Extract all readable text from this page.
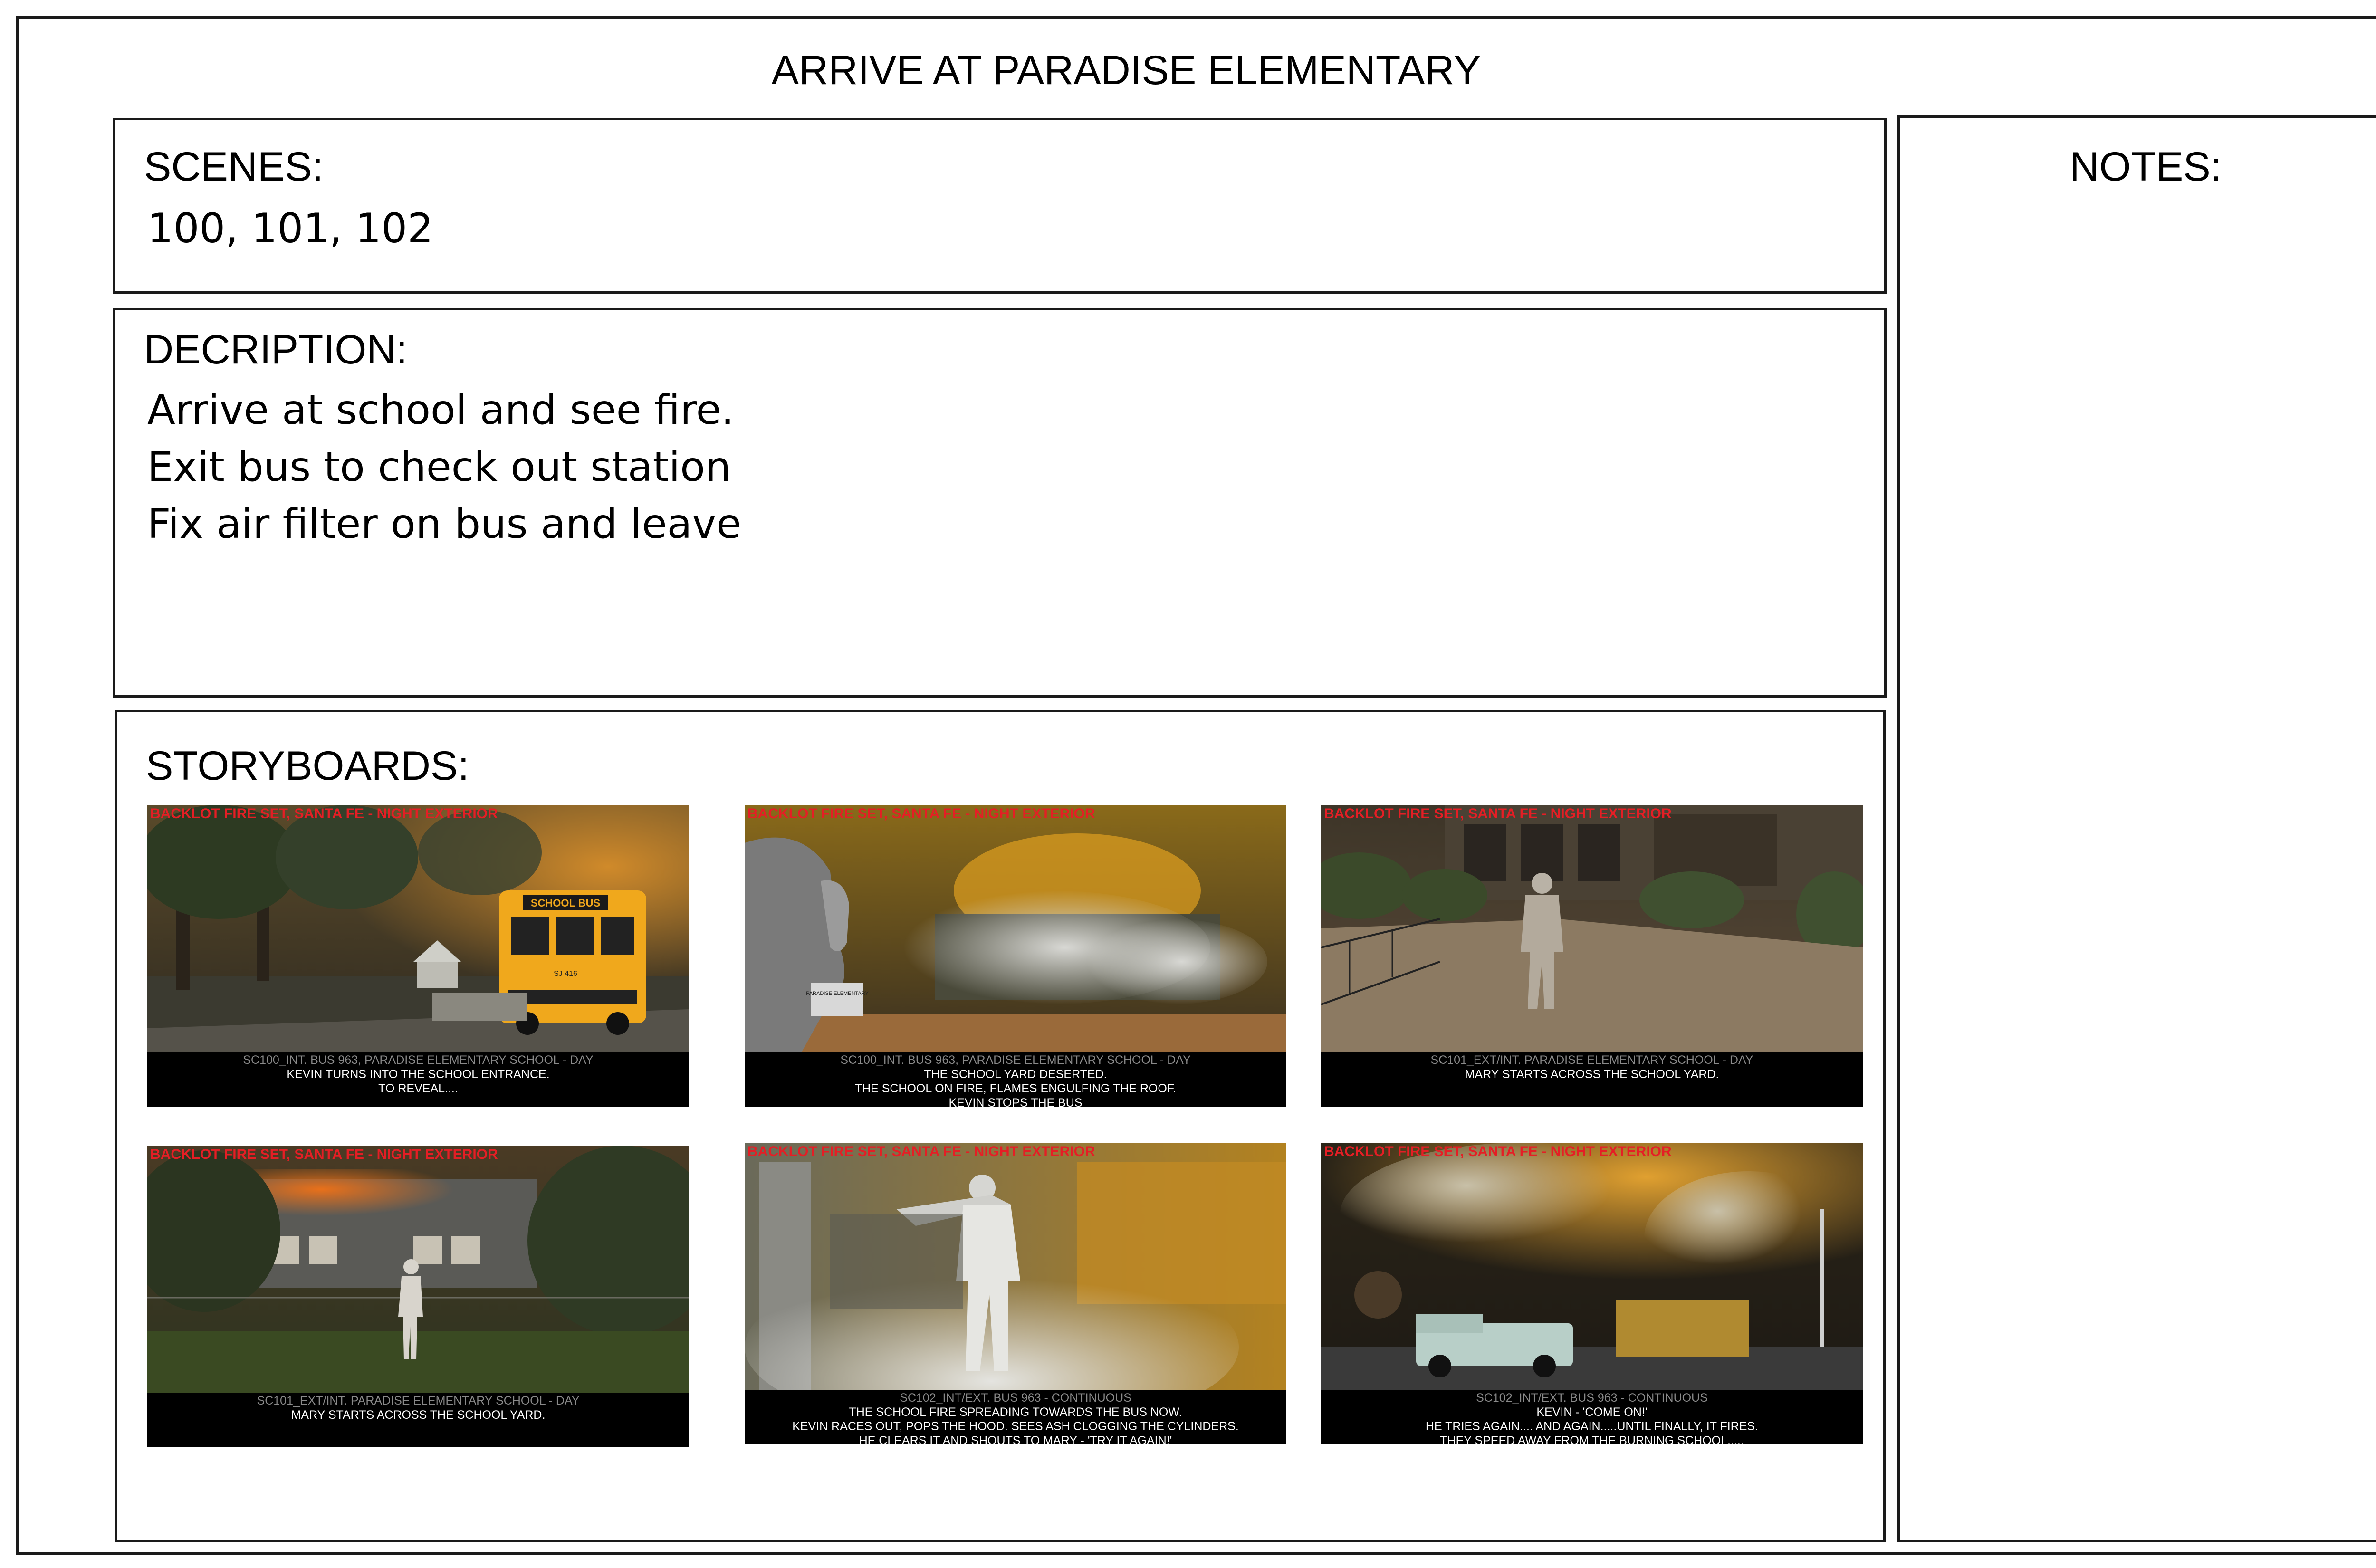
ARRIVE AT PARADISE ELEMENTARY
SCENES:
100, 101, 102
DECRIPTION:
Arrive at school and see fire.
Exit bus to check out station
Fix air filter on bus and leave
NOTES:
STORYBOARDS:
SCHOOL BUS
SJ 416
BACKLOT FIRE SET, SANTA FE - NIGHT EXTERIOR
SC100_INT. BUS 963, PARADISE ELEMENTARY SCHOOL - DAY
KEVIN TURNS INTO THE SCHOOL ENTRANCE.
TO REVEAL....
PARADISE ELEMENTARY
BACKLOT FIRE SET, SANTA FE - NIGHT EXTERIOR
SC100_INT. BUS 963, PARADISE ELEMENTARY SCHOOL - DAY
THE SCHOOL YARD DESERTED.
THE SCHOOL ON FIRE, FLAMES ENGULFING THE ROOF.
KEVIN STOPS THE BUS
BACKLOT FIRE SET, SANTA FE - NIGHT EXTERIOR
SC101_EXT/INT. PARADISE ELEMENTARY SCHOOL - DAY
MARY STARTS ACROSS THE SCHOOL YARD.
BACKLOT FIRE SET, SANTA FE - NIGHT EXTERIOR
SC101_EXT/INT. PARADISE ELEMENTARY SCHOOL - DAY
MARY STARTS ACROSS THE SCHOOL YARD.
BACKLOT FIRE SET, SANTA FE - NIGHT EXTERIOR
SC102_INT/EXT. BUS 963 - CONTINUOUS
THE SCHOOL FIRE SPREADING TOWARDS THE BUS NOW.
KEVIN RACES OUT, POPS THE HOOD. SEES ASH CLOGGING THE CYLINDERS.
HE CLEARS IT AND SHOUTS TO MARY - 'TRY IT AGAIN!'
BACKLOT FIRE SET, SANTA FE - NIGHT EXTERIOR
SC102_INT/EXT. BUS 963 - CONTINUOUS
KEVIN - 'COME ON!'
HE TRIES AGAIN.... AND AGAIN.....UNTIL FINALLY, IT FIRES.
THEY SPEED AWAY FROM THE BURNING SCHOOL.....
